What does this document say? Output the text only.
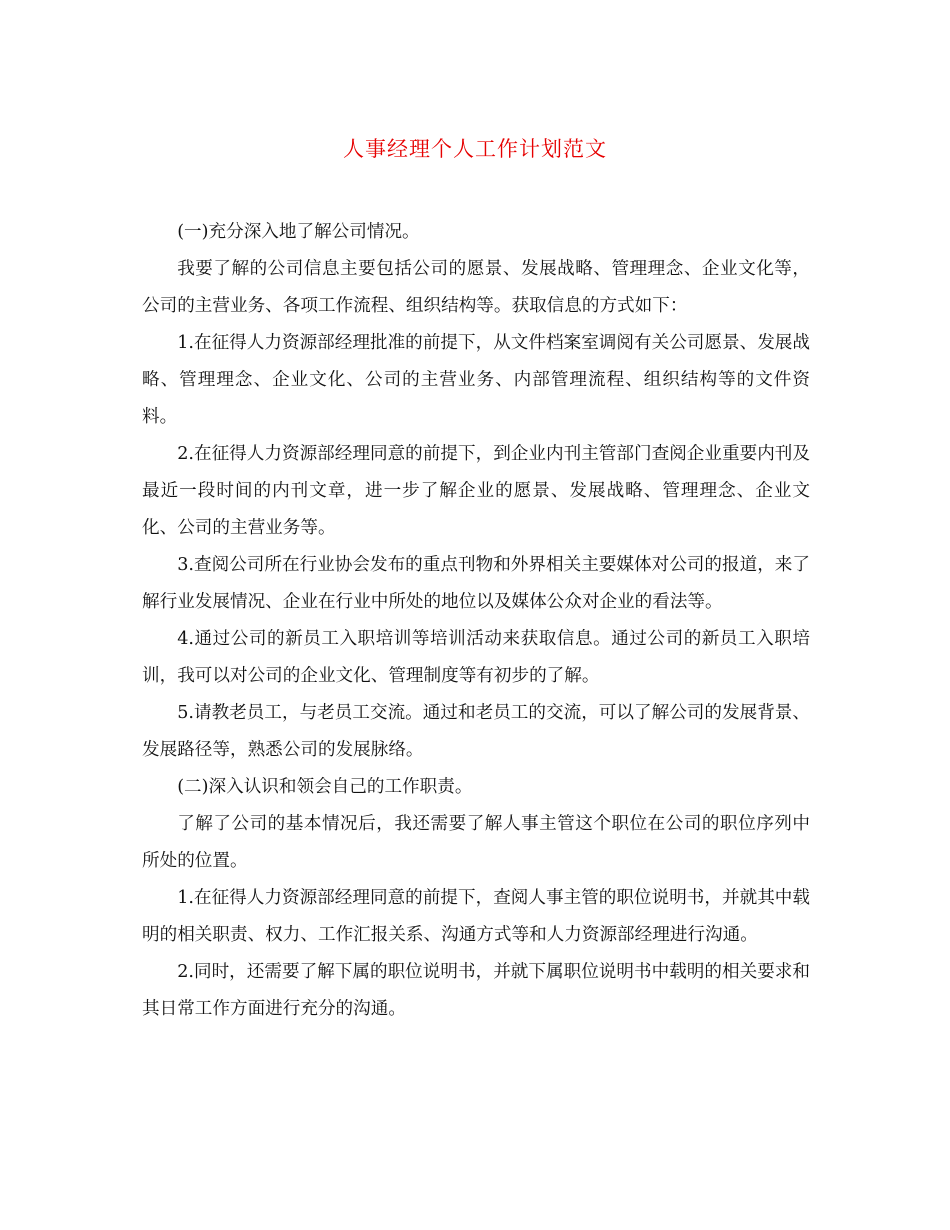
人事经理个人工作计划范文

(一)充分深入地了解公司情况。

我要了解的公司信息主要包括公司的愿景、发展战略、管理理念、企业文化等，公司的主营业务、各项工作流程、组织结构等。获取信息的方式如下：

1.在征得人力资源部经理批准的前提下，从文件档案室调阅有关公司愿景、发展战略、管理理念、企业文化、公司的主营业务、内部管理流程、组织结构等的文件资料。

2.在征得人力资源部经理同意的前提下，到企业内刊主管部门查阅企业重要内刊及最近一段时间的内刊文章，进一步了解企业的愿景、发展战略、管理理念、企业文化、公司的主营业务等。

3.查阅公司所在行业协会发布的重点刊物和外界相关主要媒体对公司的报道，来了解行业发展情况、企业在行业中所处的地位以及媒体公众对企业的看法等。

4.通过公司的新员工入职培训等培训活动来获取信息。通过公司的新员工入职培训，我可以对公司的企业文化、管理制度等有初步的了解。

5.请教老员工，与老员工交流。通过和老员工的交流，可以了解公司的发展背景、发展路径等，熟悉公司的发展脉络。

(二)深入认识和领会自己的工作职责。

了解了公司的基本情况后，我还需要了解人事主管这个职位在公司的职位序列中所处的位置。

1.在征得人力资源部经理同意的前提下，查阅人事主管的职位说明书，并就其中载明的相关职责、权力、工作汇报关系、沟通方式等和人力资源部经理进行沟通。

2.同时，还需要了解下属的职位说明书，并就下属职位说明书中载明的相关要求和其日常工作方面进行充分的沟通。
